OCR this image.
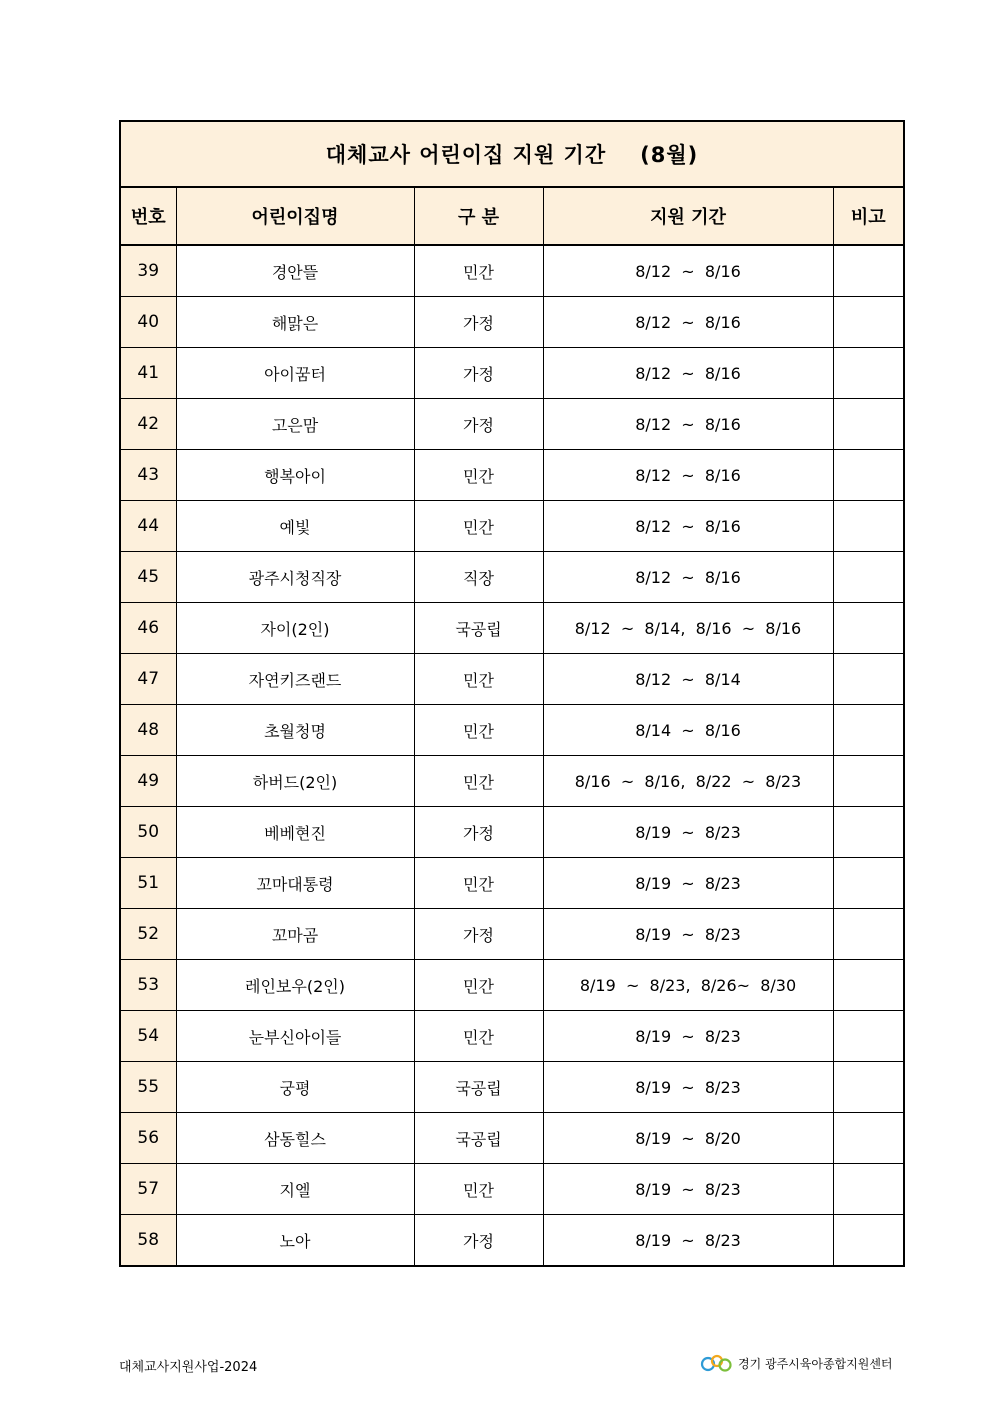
대체교사 어린이집 지원 기간 (8월)				
번호	어린이집명	구 분	지원 기간	비고
39	경안뜰	민간	8/12  ~  8/16	
40	해맑은	가정	8/12  ~  8/16	
41	아이꿈터	가정	8/12  ~  8/16	
42	고은맘	가정	8/12  ~  8/16	
43	행복아이	민간	8/12  ~  8/16	
44	예빛	민간	8/12  ~  8/16	
45	광주시청직장	직장	8/12  ~  8/16	
46	자이(2인)	국공립	8/12  ~  8/14,  8/16  ~  8/16	
47	자연키즈랜드	민간	8/12  ~  8/14	
48	초월청명	민간	8/14  ~  8/16	
49	하버드(2인)	민간	8/16  ~  8/16,  8/22  ~  8/23	
50	베베현진	가정	8/19  ~  8/23	
51	꼬마대통령	민간	8/19  ~  8/23	
52	꼬마곰	가정	8/19  ~  8/23	
53	레인보우(2인)	민간	8/19  ~  8/23,  8/26~  8/30	
54	눈부신아이들	민간	8/19  ~  8/23	
55	궁평	국공립	8/19  ~  8/23	
56	삼동힐스	국공립	8/19  ~  8/20	
57	지엘	민간	8/19  ~  8/23	
58	노아	가정	8/19  ~  8/23	
대체교사지원사업-2024	경기 광주시육아종합지원센터
